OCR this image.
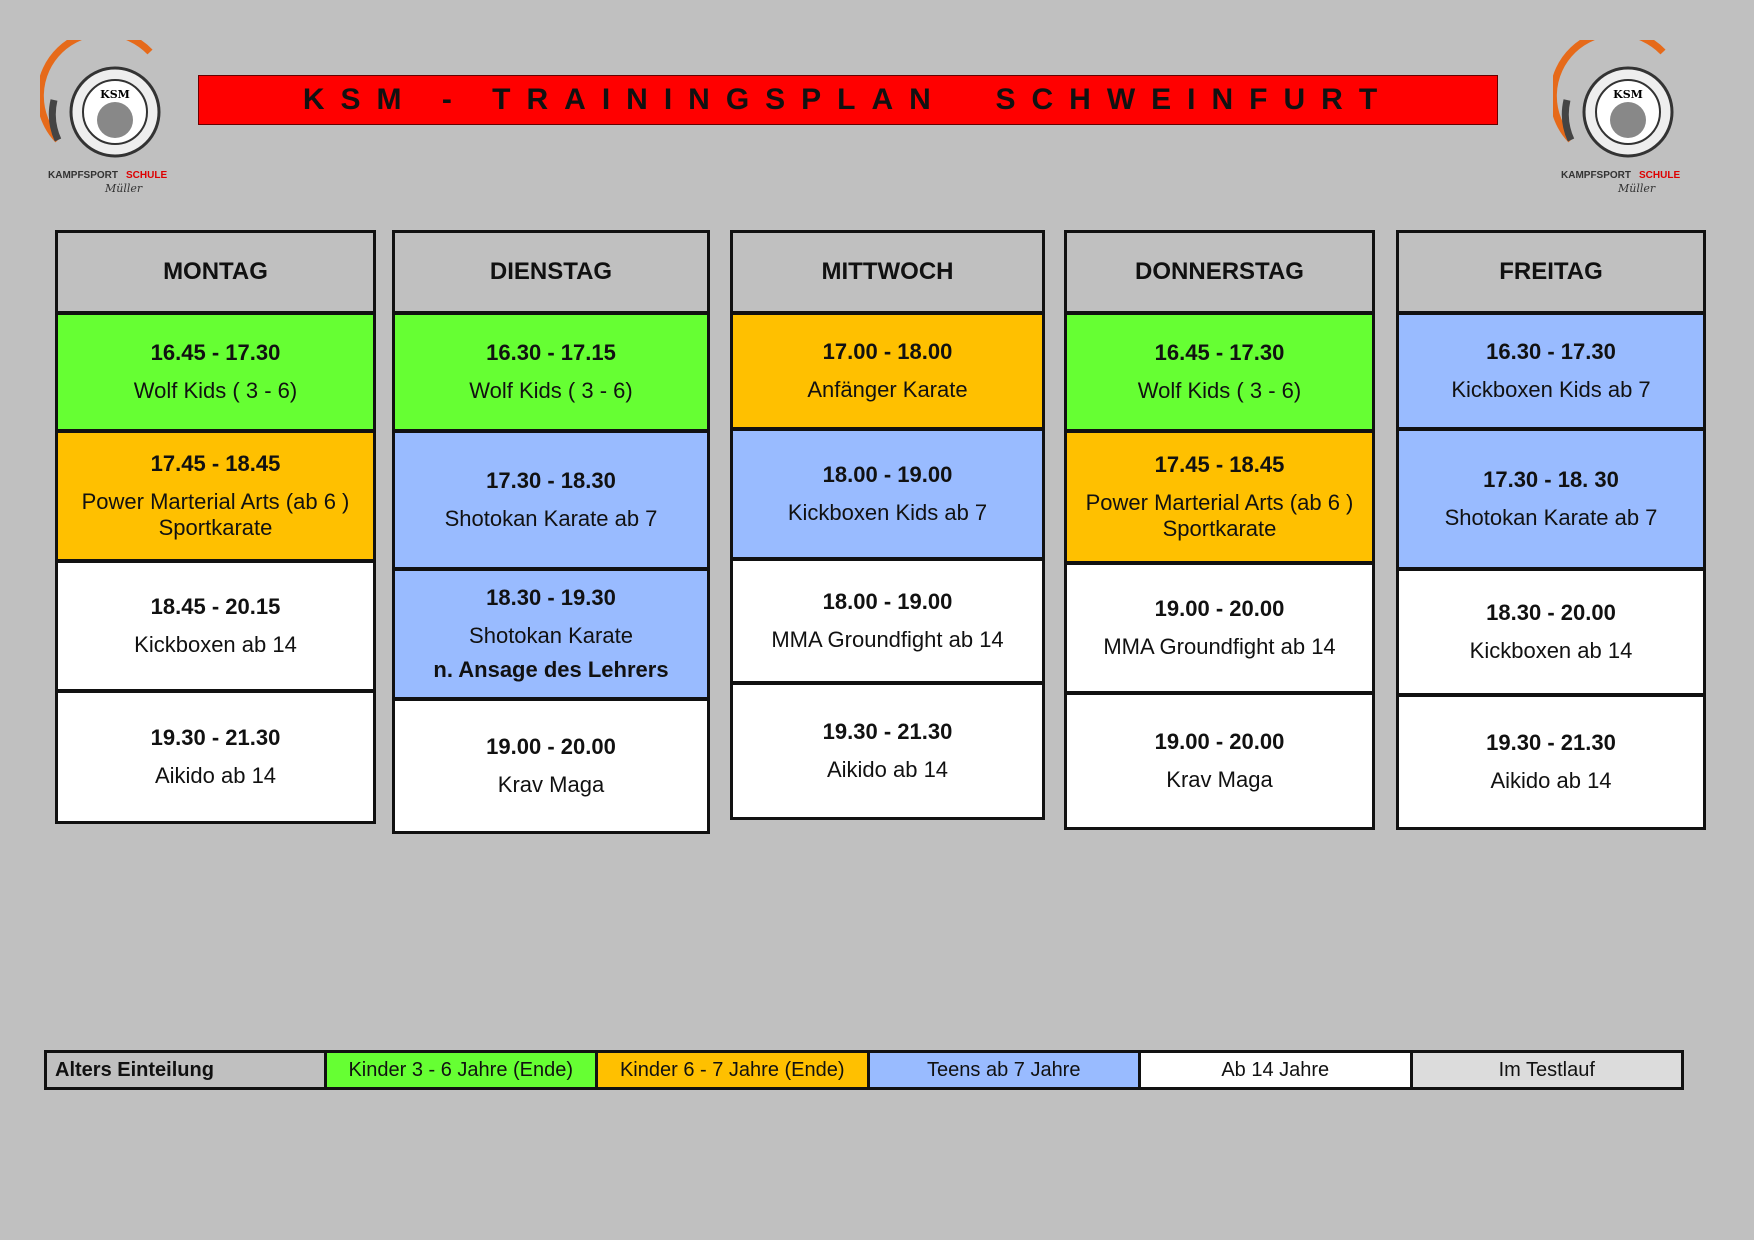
KSM
KAMPFSPORT SCHULE
Müller
KSM
KAMPFSPORT SCHULE
Müller
KSM - TRAININGSPLAN  SCHWEINFURT
MONTAG
16.45 - 17.30
Wolf Kids ( 3 - 6)
17.45 - 18.45
Power Marterial Arts (ab 6 )
Sportkarate
18.45 - 20.15
Kickboxen ab 14
19.30 - 21.30
Aikido ab 14
DIENSTAG
16.30 - 17.15
Wolf Kids ( 3 - 6)
17.30 - 18.30
Shotokan Karate ab 7
18.30 - 19.30
Shotokan Karate
n. Ansage des Lehrers
19.00 - 20.00
Krav Maga
MITTWOCH
17.00 - 18.00
Anfänger Karate
18.00 - 19.00
Kickboxen Kids ab 7
18.00 - 19.00
MMA Groundfight ab 14
19.30 - 21.30
Aikido ab 14
DONNERSTAG
16.45 - 17.30
Wolf Kids ( 3 - 6)
17.45 - 18.45
Power Marterial Arts (ab 6 )
Sportkarate
19.00 - 20.00
MMA Groundfight ab 14
19.00 - 20.00
Krav Maga
FREITAG
16.30 - 17.30
Kickboxen Kids ab 7
17.30 - 18. 30
Shotokan Karate ab 7
18.30 - 20.00
Kickboxen ab 14
19.30 - 21.30
Aikido ab 14
Alters Einteilung	Kinder 3 - 6 Jahre (Ende)	Kinder 6 - 7 Jahre (Ende)	Teens ab 7 Jahre	Ab 14 Jahre	Im Testlauf
